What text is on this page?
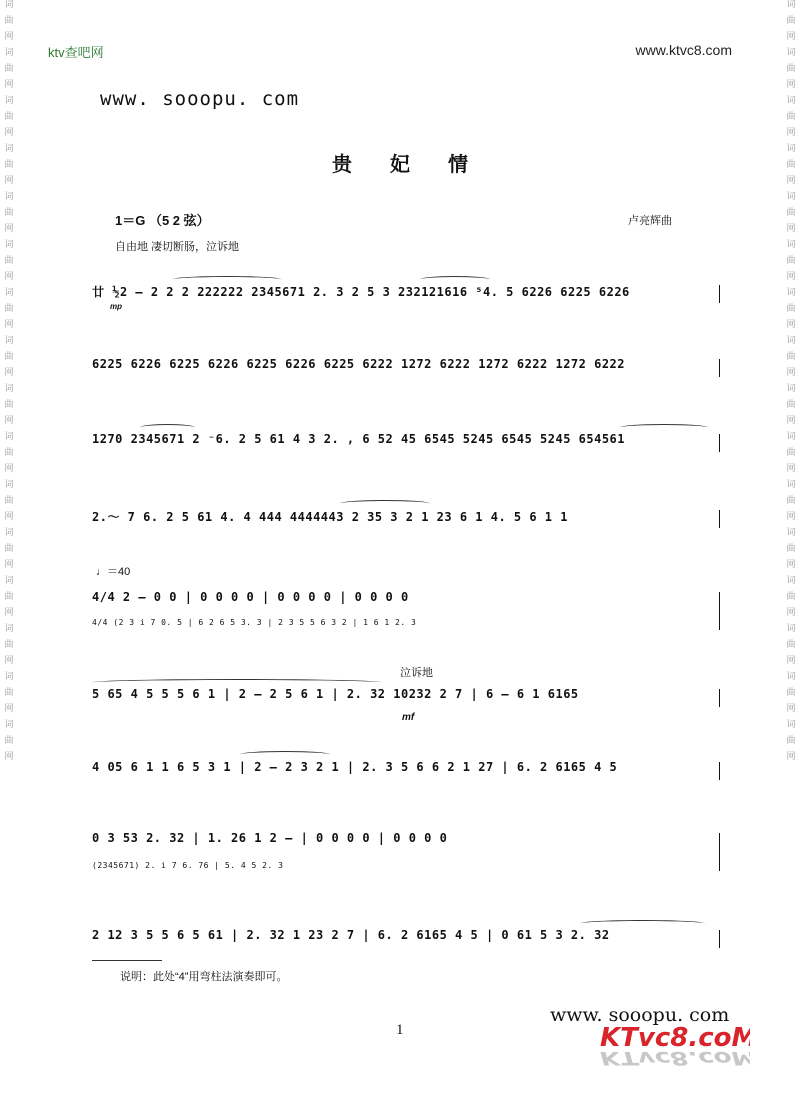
词
曲
网
词
曲
网
词
曲
网
词
曲
网
词
曲
网
词
曲
网
词
曲
网
词
曲
网
词
曲
网
词
曲
网
词
曲
网
词
曲
网
词
曲
网
词
曲
网
词
曲
网
词
曲
网
词
曲
网
词
曲
网
词
曲
网
词
曲
网
词
曲
网
词
曲
网
词
曲
网
词
曲
网
词
曲
网
词
曲
网
词
曲
网
词
曲
网
词
曲
网
词
曲
网
词
曲
网
词
曲
网
ktv查吧网	www.ktvc8.com
www. sooopu. com
贵妃情
1＝G （5 2 弦）	卢亮辉曲
自由地 凄切断肠，泣诉地
♩＝40
泣诉地
mf
mp
廿 ½2 – 2 2 2 222222 2345671 2. 3 2 5 3 232121616 ⁵4. 5 6226 6225 6226
6225 6226 6225 6226 6225 6226 6225 6222 1272 6222 1272 6222 1272 6222
1270 2345671 2 ⁻6. 2 5 61 4 3 2. , 6 52 45 6545 5245 6545 5245 654561
2.～ 7 6. 2 5 61 4. 4 444 4444443 2 35 3 2 1 23 6 1 4. 5 6 1 1
4/4 2 – 0 0 | 0 0 0 0 | 0 0 0 0 | 0 0 0 0
4/4 (2 3 i 7 0. 5 | 6 2 6 5 3. 3 | 2 3 5 5 6 3 2 | 1 6 1 2. 3
5 65 4 5 5 5 6 1 | 2 – 2 5 6 1 | 2. 32 10232 2 7 | 6 – 6 1 6165
4 05 6 1 1 6 5 3 1 | 2 – 2 3 2 1 | 2. 3 5 6 6 2 1 27 | 6. 2 6165 4 5
0 3 53 2. 32 | 1. 26 1 2 – | 0 0 0 0 | 0 0 0 0
(2345671) 2. i 7 6. 76 | 5. 4 5 2. 3
2 12 3 5 5 6 5 61 | 2. 32 1 23 2 7 | 6. 2 6165 4 5 | 0 61 5 3 2. 32
说明：此处“4”用弯柱法演奏即可。
www. sooopu. com
1	KTvc8.coM
KTvc8.coM
